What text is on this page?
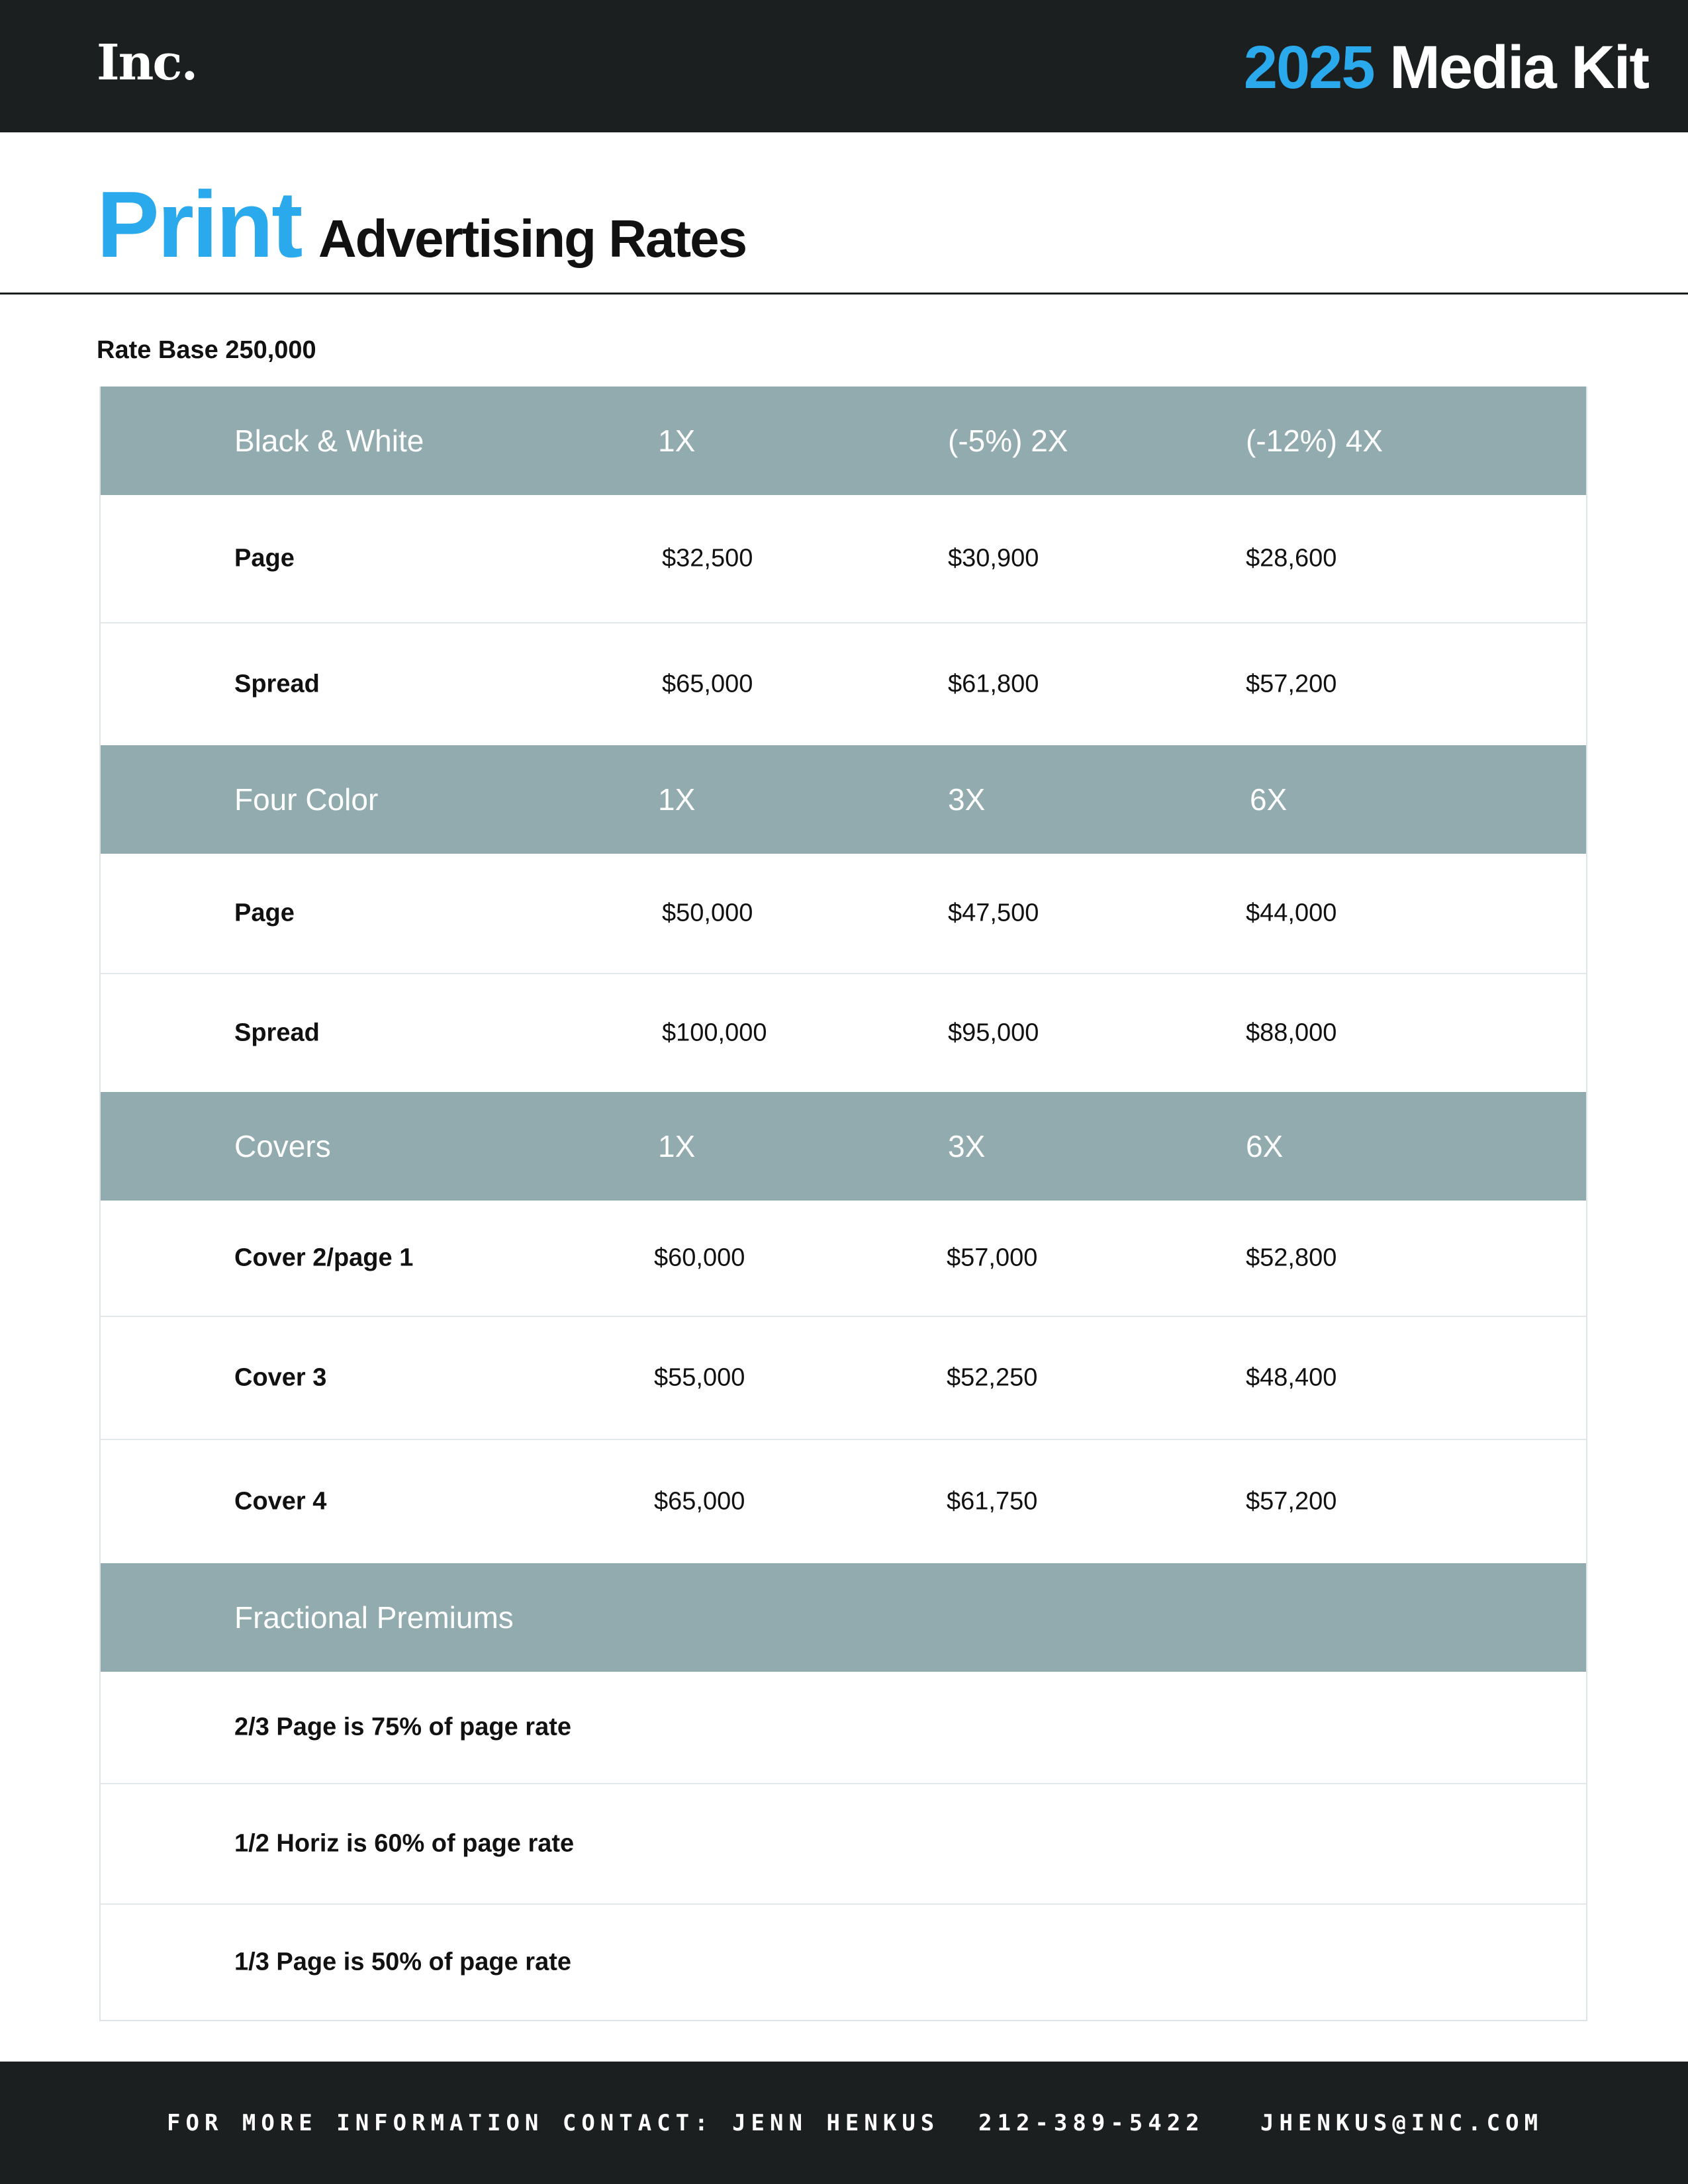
Inc.	2025 Media Kit
Print Advertising Rates
Rate Base 250,000
Black & White	1X	(-5%) 2X	(-12%) 4X
Page	$32,500	$30,900	$28,600
Spread	$65,000	$61,800	$57,200
Four Color	1X	3X	6X
Page	$50,000	$47,500	$44,000
Spread	$100,000	$95,000	$88,000
Covers	1X	3X	6X
Cover 2/page 1	$60,000	$57,000	$52,800
Cover 3	$55,000	$52,250	$48,400
Cover 4	$65,000	$61,750	$57,200
Fractional Premiums
2/3 Page is 75% of page rate
1/2 Horiz is 60% of page rate
1/3 Page is 50% of page rate
FOR MORE INFORMATION CONTACT: JENN HENKUS 212-389-5422 JHENKUS@INC.COM
